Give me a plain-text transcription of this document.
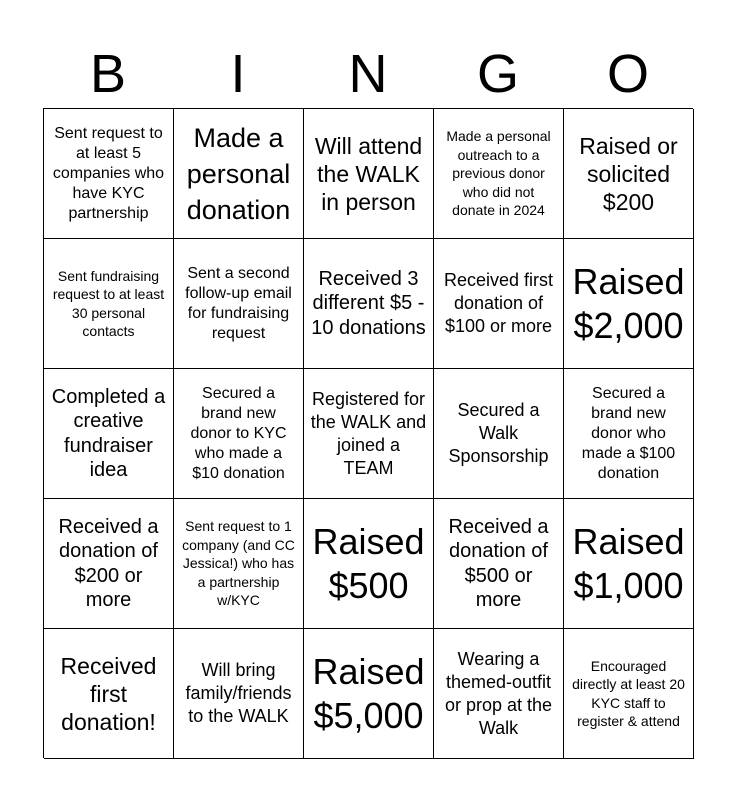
B	I	N	G	O
Sent request to at least 5 companies who have KYC partnership
Made a personal donation
Will attend the WALK in person
Made a personal outreach to a previous donor who did not donate in 2024
Raised or solicited $200
Sent fundraising request to at least 30 personal contacts
Sent a second follow-up email for fundraising request
Received 3 different $5 - 10 donations
Received first donation of $100 or more
Raised $2,000
Completed a creative fundraiser idea
Secured a brand new donor to KYC who made a $10 donation
Registered for the WALK and joined a TEAM
Secured a Walk Sponsorship
Secured a brand new donor who made a $100 donation
Received a donation of $200 or more
Sent request to 1 company (and CC Jessica!) who has a partnership w/KYC
Raised $500
Received a donation of $500 or more
Raised $1,000
Received first donation!
Will bring family/friends to the WALK
Raised $5,000
Wearing a themed-outfit or prop at the Walk
Encouraged directly at least 20 KYC staff to register & attend
